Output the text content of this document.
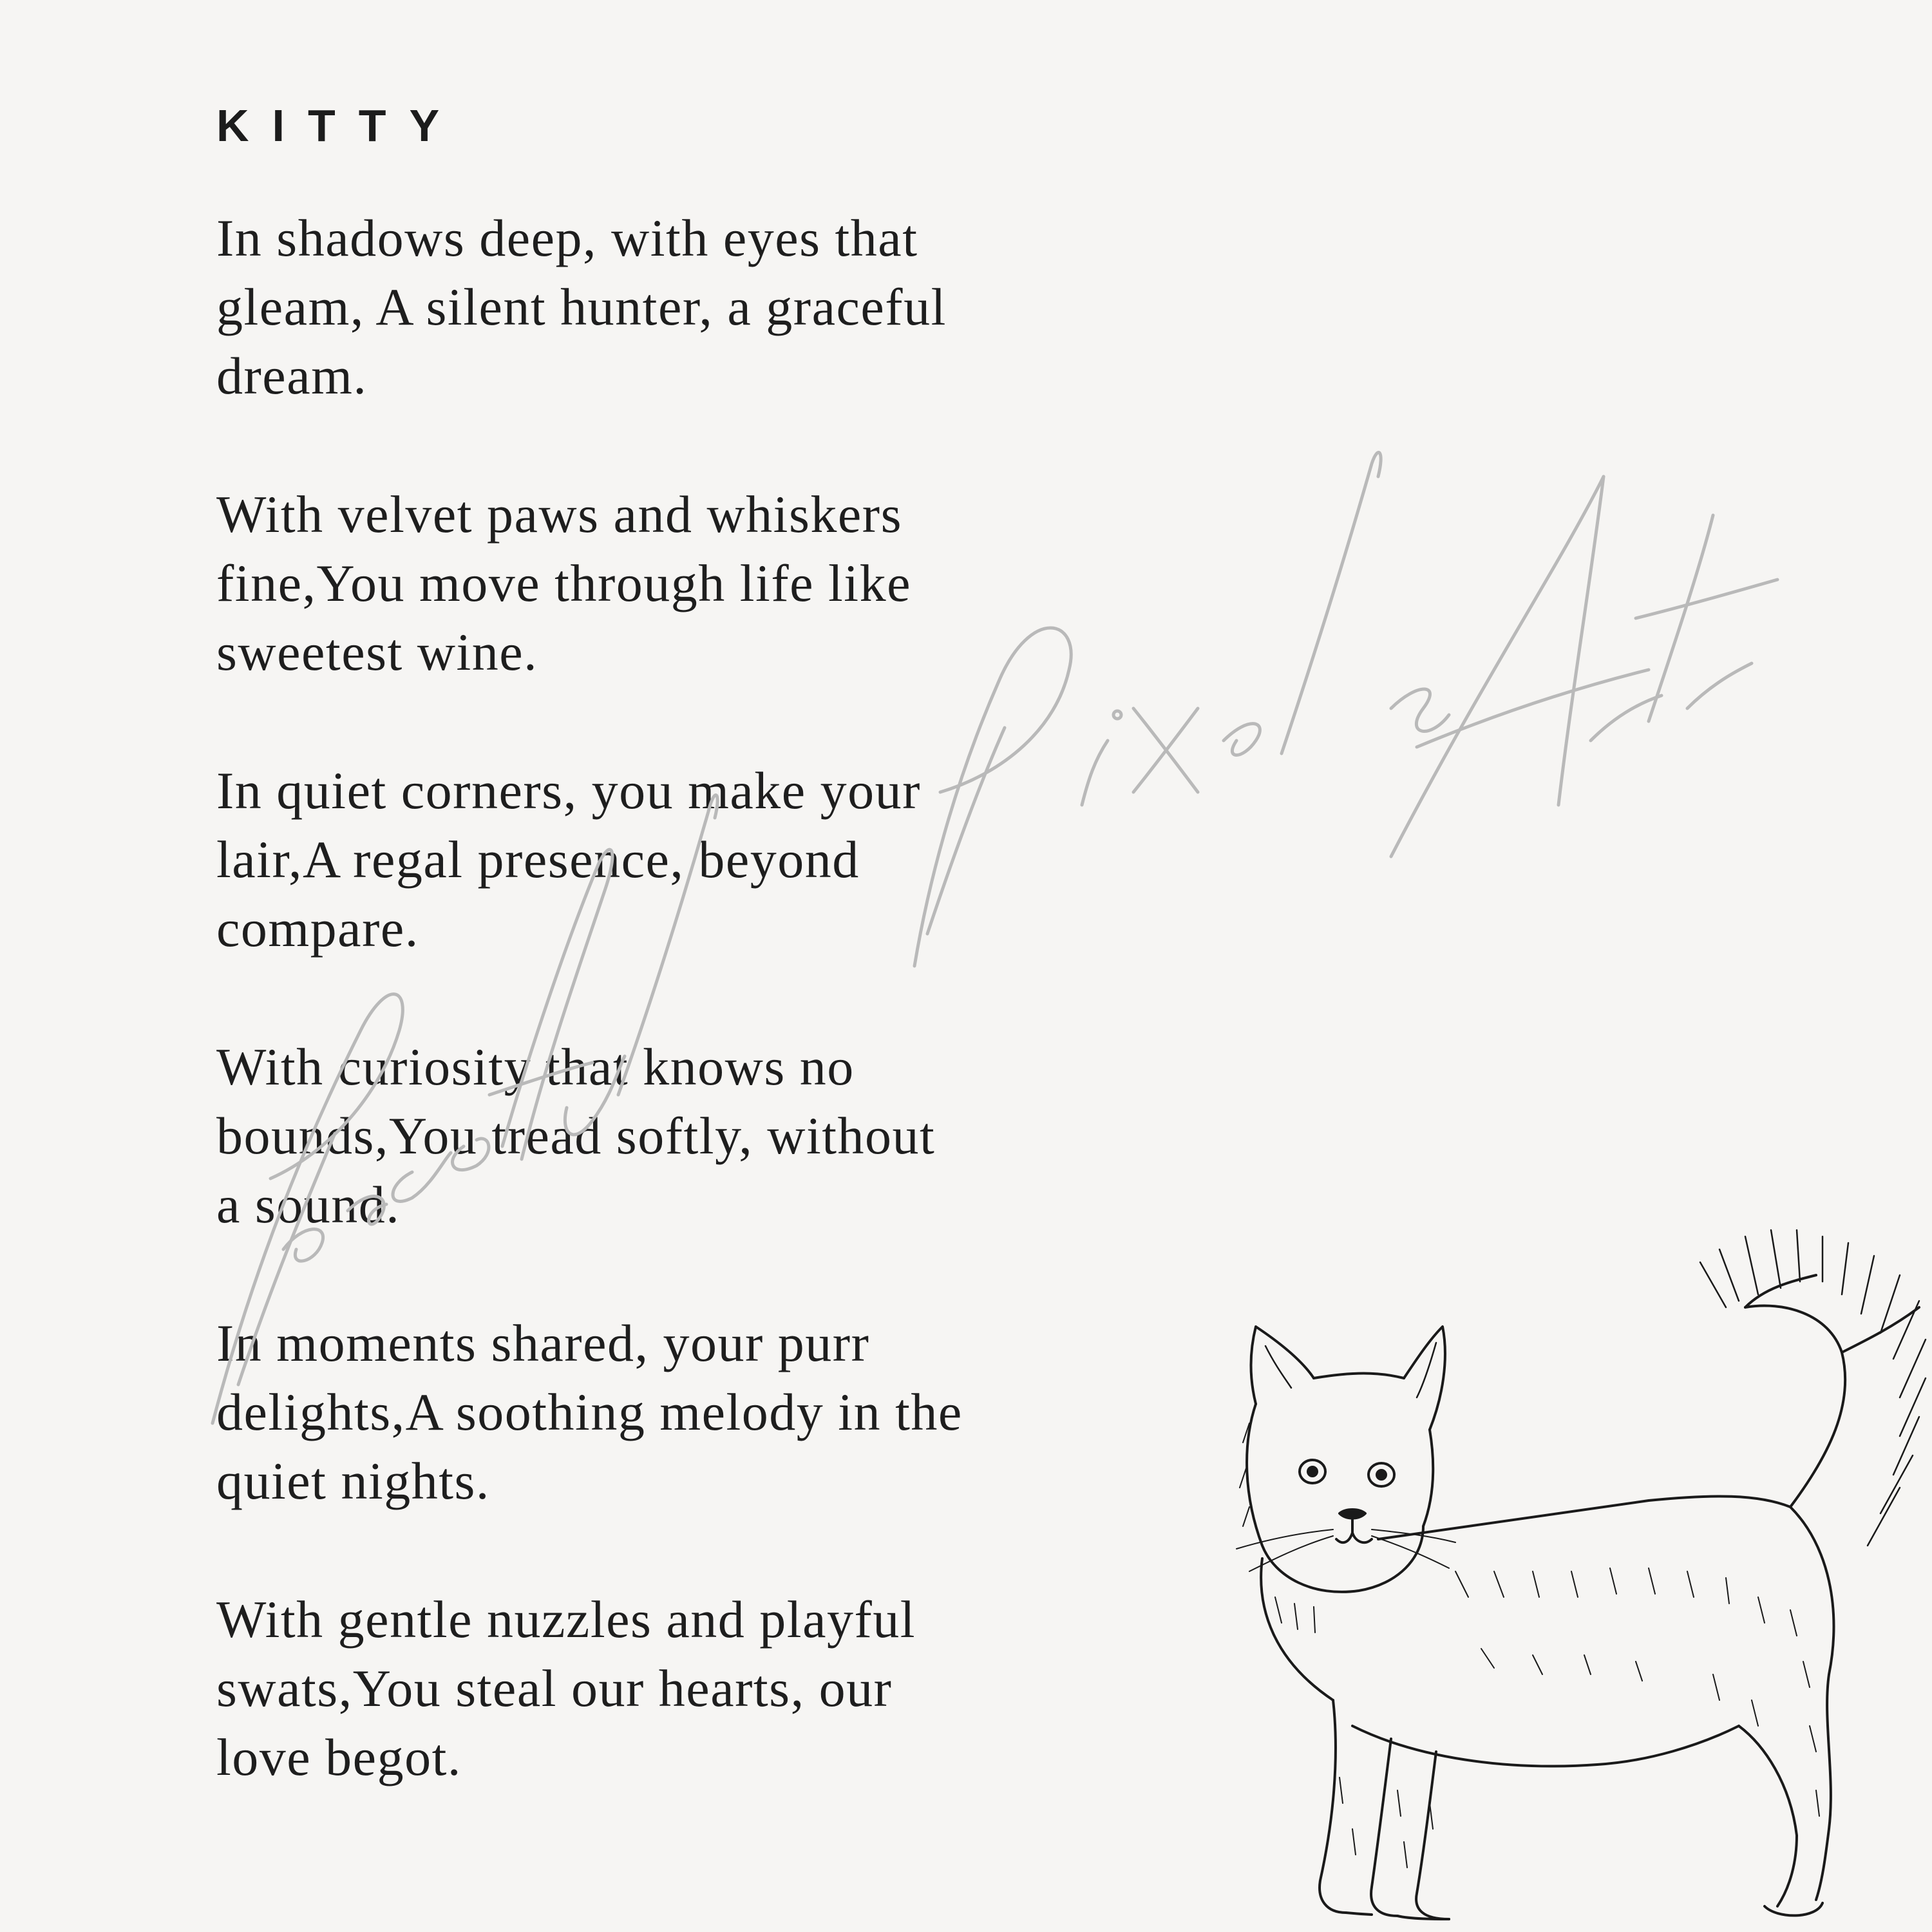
KITTY
In shadows deep, with eyes that
gleam, A silent hunter, a graceful
dream.
With velvet paws and whiskers
fine,You move through life like
sweetest wine.
In quiet corners, you make your
lair,A regal presence, beyond
compare.
With curiosity that knows no
bounds,You tread softly, without
a sound.
In moments shared, your purr
delights,A soothing melody in the
quiet nights.
With gentle nuzzles and playful
swats,You steal our hearts, our
love begot.
